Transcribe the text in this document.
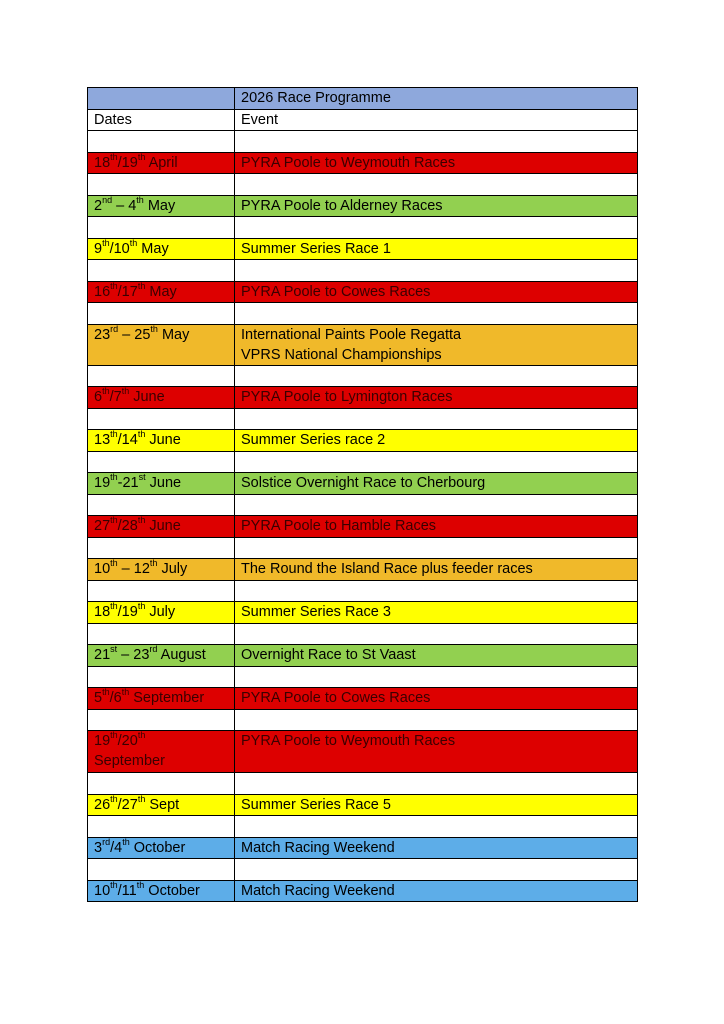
	2026 Race Programme
Dates	Event

18th/19th April	PYRA Poole to Weymouth Races

2nd – 4th May	PYRA Poole to Alderney Races

9th/10th May	Summer Series Race 1

16th/17th May	PYRA Poole to Cowes Races

23rd – 25th May	International Paints Poole Regatta
VPRS National Championships

6th/7th June	PYRA Poole to Lymington Races

13th/14th June	Summer Series race 2

19th-21st June	Solstice Overnight Race to Cherbourg

27th/28th June	PYRA Poole to Hamble Races

10th – 12th July	The Round the Island Race plus feeder races

18th/19th July	Summer Series Race 3

21st – 23rd August	Overnight Race to St Vaast

5th/6th September	PYRA Poole to Cowes Races

19th/20th
September	PYRA Poole to Weymouth Races

26th/27th Sept	Summer Series Race 5

3rd/4th October	Match Racing Weekend

10th/11th October	Match Racing Weekend
